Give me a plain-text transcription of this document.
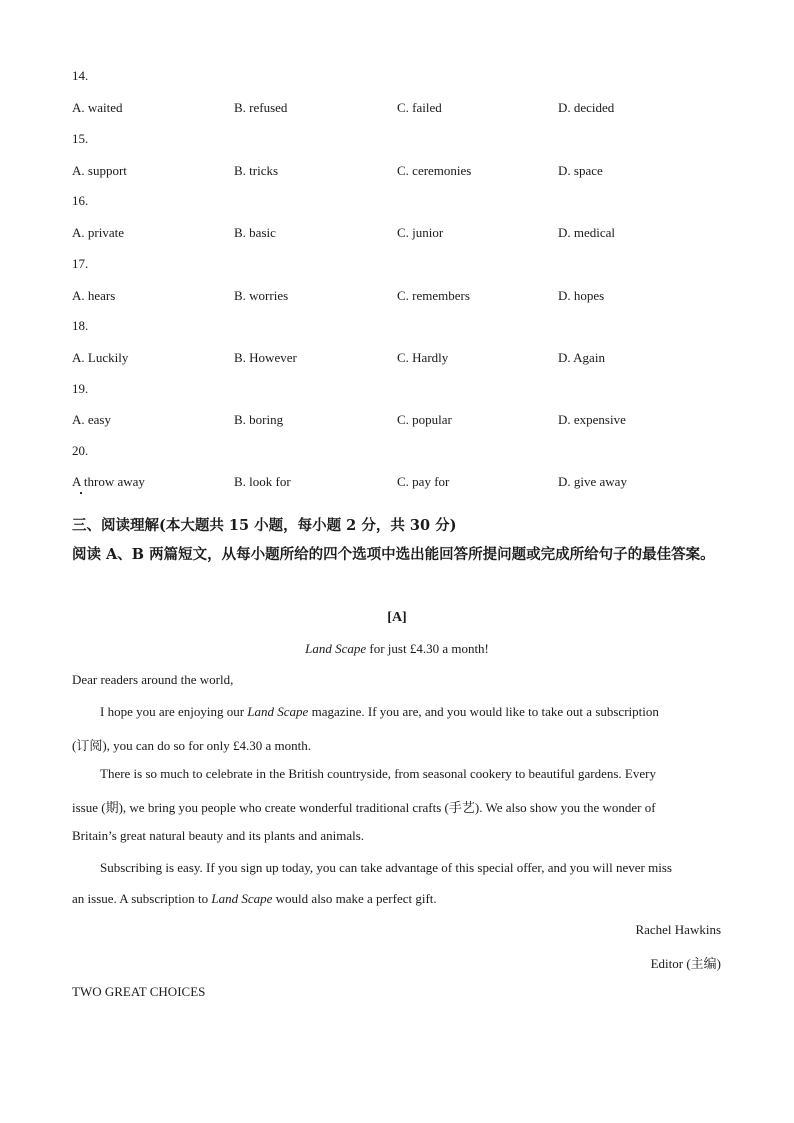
14.
A. waited	B. refused	C. failed	D. decided
15.
A. support	B. tricks	C. ceremonies	D. space
16.
A. private	B. basic	C. junior	D. medical
17.
A. hears	B. worries	C. remembers	D. hopes
18.
A. Luckily	B. However	C. Hardly	D. Again
19.
A. easy	B. boring	C. popular	D. expensive
20.
A throw away	B. look for	C. pay for	D. give away
三、阅读理解(本大题共 15 小题，每小题 2 分，共 30 分)
阅读 A、B 两篇短文，从每小题所给的四个选项中选出能回答所提问题或完成所给句子的最佳答案。
[A]
Land Scape for just £4.30 a month!
Dear readers around the world,
I hope you are enjoying our Land Scape magazine. If you are, and you would like to take out a subscription
(订阅), you can do so for only £4.30 a month.
There is so much to celebrate in the British countryside, from seasonal cookery to beautiful gardens. Every
issue (期), we bring you people who create wonderful traditional crafts (手艺). We also show you the wonder of
Britain’s great natural beauty and its plants and animals.
Subscribing is easy. If you sign up today, you can take advantage of this special offer, and you will never miss
an issue. A subscription to Land Scape would also make a perfect gift.
Rachel Hawkins
Editor (主编)
TWO GREAT CHOICES
